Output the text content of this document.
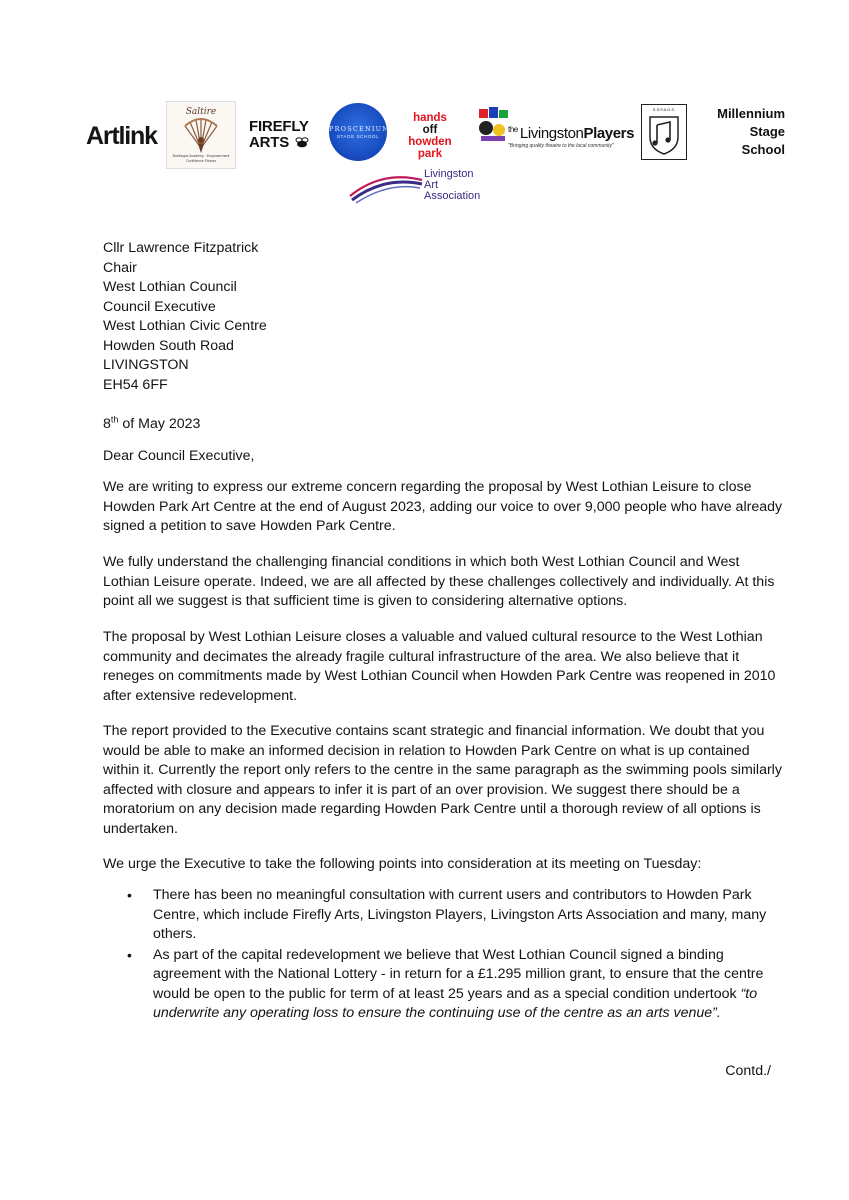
Artlink
Saltire
Burlesque Academy · Empowerment Confidence Fitness
FIREFLY
ARTS
PROSCENIUM
STAGE SCHOOL
hands
off
howden
park
$^{the}$ LivingstonPlayers
"Bringing quality theatre to the local community"
S.S.P.A.D.S.	Millennium
Stage
School
Livingston
Art
Association
Cllr Lawrence Fitzpatrick
Chair
West Lothian Council
Council Executive
West Lothian Civic Centre
Howden South Road
LIVINGSTON
EH54 6FF
8th of May 2023

Dear Council Executive,

We are writing to express our extreme concern regarding the proposal by West Lothian Leisure to close Howden Park Art Centre at the end of August 2023, adding our voice to over 9,000 people who have already signed a petition to save Howden Park Centre.

We fully understand the challenging financial conditions in which both West Lothian Council and West Lothian Leisure operate. Indeed, we are all affected by these challenges collectively and individually. At this point all we suggest is that sufficient time is given to considering alternative options.

The proposal by West Lothian Leisure closes a valuable and valued cultural resource to the West Lothian community and decimates the already fragile cultural infrastructure of the area. We also believe that it reneges on commitments made by West Lothian Council when Howden Park Centre was reopened in 2010 after extensive redevelopment.

The report provided to the Executive contains scant strategic and financial information. We doubt that you would be able to make an informed decision in relation to Howden Park Centre on what is up contained within it. Currently the report only refers to the centre in the same paragraph as the swimming pools similarly affected with closure and appears to infer it is part of an over provision. We suggest there should be a moratorium on any decision made regarding Howden Park Centre until a thorough review of all options is undertaken.

We urge the Executive to take the following points into consideration at its meeting on Tuesday:

• There has been no meaningful consultation with current users and contributors to Howden Park Centre, which include Firefly Arts, Livingston Players, Livingston Arts Association and many, many others.
• As part of the capital redevelopment we believe that West Lothian Council signed a binding agreement with the National Lottery - in return for a £1.295 million grant, to ensure that the centre would be open to the public for term of at least 25 years and as a special condition undertook “to underwrite any operating loss to ensure the continuing use of the centre as an arts venue”.
Contd./
